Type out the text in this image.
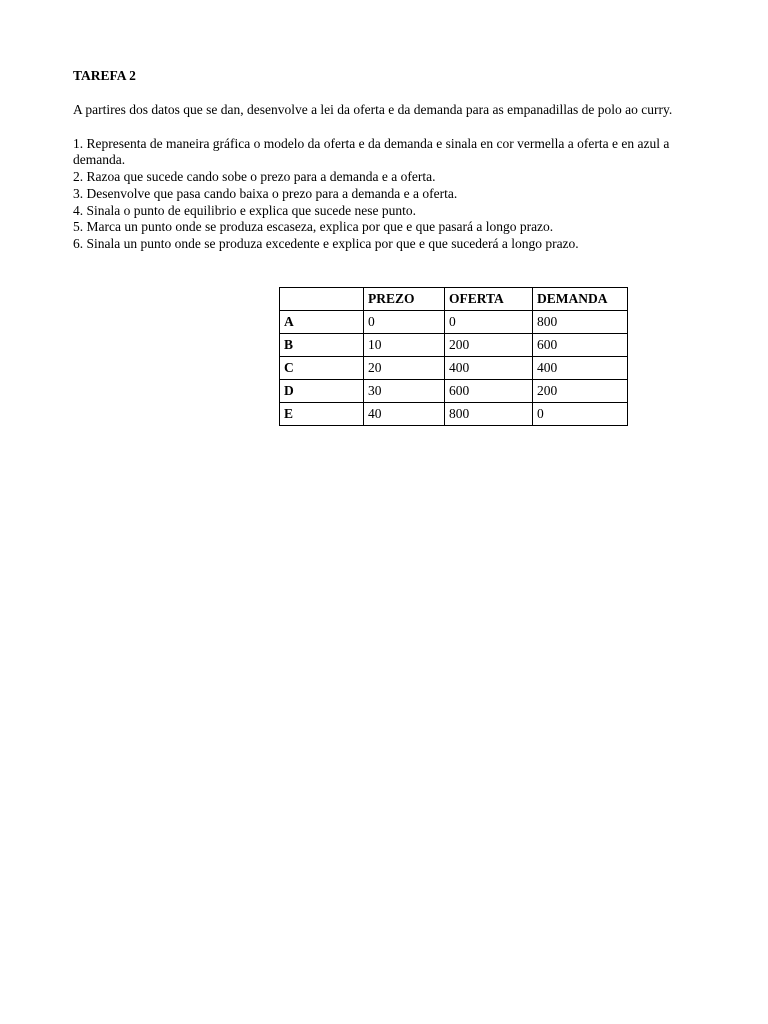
TAREFA 2

A partires dos datos que se dan, desenvolve a lei da oferta e da demanda para as empanadillas de polo ao curry.

1. Representa de maneira gráfica o modelo da oferta e da demanda e sinala en cor vermella a oferta e en azul a demanda.
2. Razoa que sucede cando sobe o prezo para a demanda e a oferta.
3. Desenvolve que pasa cando baixa o prezo para a demanda e a oferta.
4. Sinala o punto de equilibrio e explica que sucede nese punto.
5. Marca un punto onde se produza escaseza, explica por que e que pasará a longo prazo.
6. Sinala un punto onde se produza excedente e explica por que e que sucederá a longo prazo.
	PREZO	OFERTA	DEMANDA
A	0	0	800
B	10	200	600
C	20	400	400
D	30	600	200
E	40	800	0
